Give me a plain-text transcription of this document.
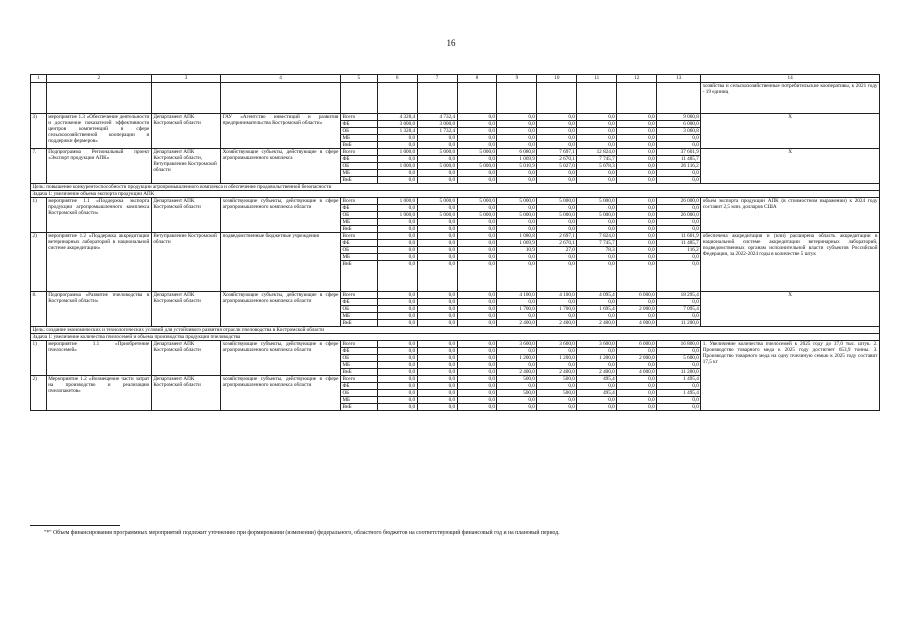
16
1	2	3	4	5	6	7	8	9	10	11	12	13	14
													хозяйства и сельскохозяйственные потребительские кооперативы, к 2021 году - 19 единиц
3)	мероприятие 1.3 «Обеспечение деятельности и достижение показателей эффективности центров компетенций в сфере сельскохозяйственной кооперации и поддержки фермеров»	Департамент АПК Костромской области	ГАУ «Агентство инвестиций и развития предпринимательства Костромской области»	Всего	4 328,4	4 732,4	0,0	0,0	0,0	0,0	0,0	9 060,8	X
				ФБ	3 000,0	3 000,0	0,0	0,0	0,0	0,0	0,0	6 000,0	
				ОБ	1 328,4	1 732,4	0,0	0,0	0,0	0,0	0,0	3 060,8	
				МБ	0,0	0,0	0,0	0,0	0,0	0,0	0,0	0,0	
				ВнБ	0,0	0,0	0,0	0,0	0,0	0,0	0,0	0,0	
7.	Подпрограмма Региональный проект «Экспорт продукции АПК»	Департамент АПК Костромской области, Ветуправление Костромской области	Хозяйствующие субъекты, действующие в сфере агропромышленного комплекса	Всего	1 000,0	5 000,0	5 000,0	6 080,8	7 697,1	12 824,0	0,0	37 601,9	X
				ФБ	0,0	0,0	0,0	1 069,9	2 670,1	7 745,7	0,0	11 485,7	
				ОБ	1 000,0	5 000,0	5 000,0	5 010,9	5 027,0	5 078,3	0,0	26 116,2	
				МБ	0,0	0,0	0,0	0,0	0,0	0,0	0,0	0,0	
				ВнБ	0,0	0,0	0,0	0,0	0,0	0,0	0,0	0,0	
Цель: повышение конкурентоспособности продукции агропромышленного комплекса и обеспечение продовольственной безопасности													
Задача 1: увеличение объема экспорта продукции АПК													
1)	мероприятие 1.1 «Поддержка экспорта продукции агропромышленного комплекса Костромской области»	Департамент АПК Костромской области	хозяйствующие субъекты, действующие в сфере агропромышленного комплекса области	Всего	1 000,0	5 000,0	5 000,0	5 000,0	5 000,0	5 000,0	0,0	26 000,0	объем экспорта продукции АПК (в стоимостном выражении) к 2024 году составит 2,5 млн. долларов США
				ФБ	0,0	0,0	0,0	0,0	0,0	0,0	0,0	0,0	
				ОБ	1 000,0	5 000,0	5 000,0	5 000,0	5 000,0	5 000,0	0,0	26 000,0	
				МБ	0,0	0,0	0,0	0,0	0,0	0,0	0,0	0,0	
				ВнБ	0,0	0,0	0,0	0,0	0,0	0,0	0,0	0,0	
2)	мероприятие 1.2 «Поддержка аккредитации ветеринарных лабораторий в национальной системе аккредитации»	Ветуправление Костромской области	подведомственные бюджетные учреждения	Всего	0,0	0,0	0,0	1 080,8	2 697,1	7 824,0	0,0	11 601,9	обеспечена аккредитация и (или) расширена область аккредитации в национальной системе аккредитации ветеринарных лабораторий, подведомственных органам исполнительной власти субъектов Российской Федерации, за 2022-2024 годы в количестве 5 штук
				ФБ	0,0	0,0	0,0	1 069,9	2 670,1	7 745,7	0,0	11 485,7	
				ОБ	0,0	0,0	0,0	10,9	27,0	78,3	0,0	116,2	
				МБ	0,0	0,0	0,0	0,0	0,0	0,0	0,0	0,0	
				ВнБ	0,0	0,0	0,0	0,0	0,0	0,0	0,0	0,0	
8.	Подпрограмма «Развитие пчеловодства в Костромской области»	Департамент АПК Костромской области	Хозяйствующие субъекты, действующие в сфере агропромышленного комплекса области	Всего	0,0	0,0	0,0	4 100,0	4 100,0	4 095,4	6 000,0	18 295,4	X
				ФБ	0,0	0,0	0,0	0,0	0,0	0,0	0,0	0,0	
				ОБ	0,0	0,0	0,0	1 700,0	1 700,0	1 695,4	2 000,0	7 095,4	
				МБ	0,0	0,0	0,0	0,0	0,0	0,0	0,0	0,0	
				ВнБ	0,0	0,0	0,0	2 400,0	2 400,0	2 400,0	4 000,0	11 200,0	
Цель: создание экономических и технологических условий для устойчивого развития отрасли пчеловодства в Костромской области													
Задача 1: увеличение количества пчелосемей и объема производства продукции пчеловодства													
1)	мероприятие 1.1 «Приобретение пчелосемей»	Департамент АПК Костромской области	хозяйствующие субъекты, действующие в сфере агропромышленного комплекса области	Всего	0,0	0,0	0,0	3 600,0	3 600,0	3 600,0	6 000,0	16 800,0	1. Увеличение количества пчелосемей к 2025 году до 37,0 тыс. штук. 2. Производство товарного меда к 2025 году достигнет 653,9 тонны. 3. Производство товарного меда на одну пчелиную семью к 2025 году составит 17,5 кг
				ФБ	0,0	0,0	0,0	0,0	0,0	0,0	0,0	0,0	
				ОБ	0,0	0,0	0,0	1 200,0	1 200,0	1 200,0	2 000,0	5 600,0	
				МБ	0,0	0,0	0,0	0,0	0,0	0,0	0,0	0,0	
				ВнБ	0,0	0,0	0,0	2 400,0	2 400,0	2 400,0	4 000,0	11 200,0	
2)	Мероприятие 1.2 «Возмещение части затрат на производство и реализацию пчелопакетов»	Департамент АПК Костромской области	хозяйствующие субъекты, действующие в сфере агропромышленного комплекса области	Всего	0,0	0,0	0,0	500,0	500,0	495,4	0,0	1 495,4	
				ФБ	0,0	0,0	0,0	0,0	0,0	0,0	0,0	0,0	
				ОБ	0,0	0,0	0,0	500,0	500,0	495,4	0,0	1 495,4	
				МБ	0,0	0,0	0,0	0,0	0,0	0,0	0,0	0,0	
				ВнБ	0,0	0,0	0,0	0,0	0,0	0,0	0,0	0,0	
"*" Объем финансирования программных мероприятий подлежит уточнению при формировании (изменении) федерального, областного бюджетов на соответствующий финансовый год и на плановый период.
